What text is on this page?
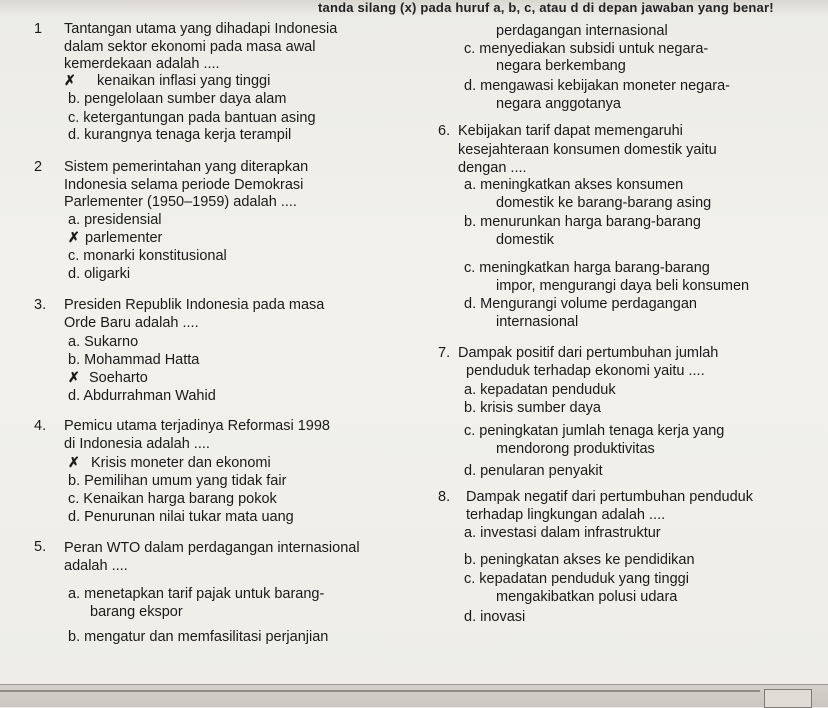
tanda silang (x) pada huruf a, b, c, atau d di depan jawaban yang benar!
1 Tantangan utama yang dihadapi Indonesia
dalam sektor ekonomi pada masa awal
kemerdekaan adalah ....
✗ kenaikan inflasi yang tinggi
b. pengelolaan sumber daya alam
c. ketergantungan pada bantuan asing
d. kurangnya tenaga kerja terampil
2 Sistem pemerintahan yang diterapkan
Indonesia selama periode Demokrasi
Parlementer (1950–1959) adalah ....
a. presidensial
✗ parlementer
c. monarki konstitusional
d. oligarki
3. Presiden Republik Indonesia pada masa
Orde Baru adalah ....
a. Sukarno
b. Mohammad Hatta
✗ Soeharto
d. Abdurrahman Wahid
4. Pemicu utama terjadinya Reformasi 1998
di Indonesia adalah ....
✗ Krisis moneter dan ekonomi
b. Pemilihan umum yang tidak fair
c. Kenaikan harga barang pokok
d. Penurunan nilai tukar mata uang
5. Peran WTO dalam perdagangan internasional
adalah ....
a. menetapkan tarif pajak untuk barang-
barang ekspor
b. mengatur dan memfasilitasi perjanjian
perdagangan internasional
c. menyediakan subsidi untuk negara-
negara berkembang
d. mengawasi kebijakan moneter negara-
negara anggotanya
6. Kebijakan tarif dapat memengaruhi
kesejahteraan konsumen domestik yaitu
dengan ....
a. meningkatkan akses konsumen
domestik ke barang-barang asing
b. menurunkan harga barang-barang
domestik
c. meningkatkan harga barang-barang
impor, mengurangi daya beli konsumen
d. Mengurangi volume perdagangan
internasional
7. Dampak positif dari pertumbuhan jumlah
penduduk terhadap ekonomi yaitu ....
a. kepadatan penduduk
b. krisis sumber daya
c. peningkatan jumlah tenaga kerja yang
mendorong produktivitas
d. penularan penyakit
8. Dampak negatif dari pertumbuhan penduduk
terhadap lingkungan adalah ....
a. investasi dalam infrastruktur
b. peningkatan akses ke pendidikan
c. kepadatan penduduk yang tinggi
mengakibatkan polusi udara
d. inovasi
